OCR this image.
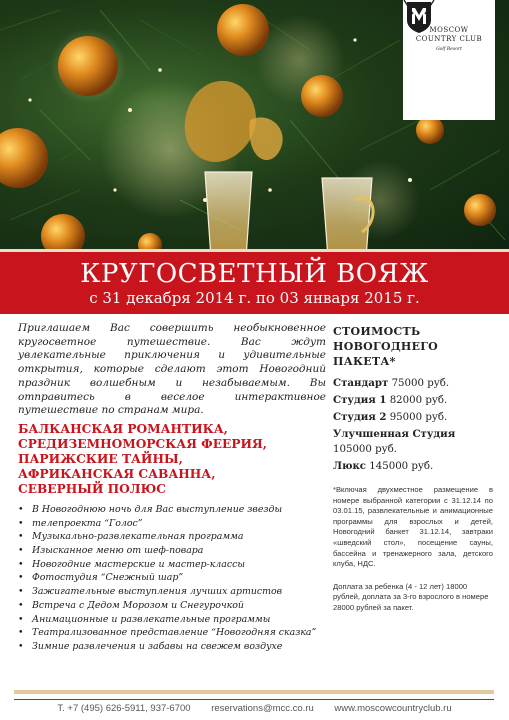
MOSCOW
COUNTRY CLUB
Golf Resort
КРУГОСВЕТНЫЙ ВОЯЖ
с 31 декабря 2014 г. по 03 января 2015 г.

Приглашаем Вас совершить необыкновенное кругосветное путешествие. Вас ждут увлекательные приключения и удивительные открытия, которые сделают этот Новогодний праздник волшебным и незабываемым. Вы отправитесь в веселое интерактивное путешествие по странам мира.

БАЛКАНСКАЯ РОМАНТИКА,
СРЕДИЗЕМНОМОРСКАЯ ФЕЕРИЯ,
ПАРИЖСКИЕ ТАЙНЫ,
АФРИКАНСКАЯ САВАННА,
СЕВЕРНЫЙ ПОЛЮС
• В Новогоднюю ночь для Вас выступление звезды
• телепроекта “Голос”
• Музыкально-развлекательная программа
• Изысканное меню от шеф-повара
• Новогодние мастерские и мастер-классы
• Фотостудия “Снежный шар”
• Зажигательные выступления лучших артистов
• Встреча с Дедом Морозом и Снегурочкой
• Анимационные и развлекательные программы
• Театрализованное представление “Новогодняя сказка”
• Зимние развлечения и забавы на свежем воздухе
СТОИМОСТЬ НОВОГОДНЕГО ПАКЕТА*
Стандарт 75000 руб.
Студия 1 82000 руб.
Студия 2 95000 руб.
Улучшенная Студия
105000 руб.
Люкс 145000 руб.
*Включая двухместное размещение в номере выбранной категории с 31.12.14 по 03.01.15, развлекательные и анимационные программы для взрослых и детей, Новогодний банкет 31.12.14, завтраки «шведский стол», посещение сауны, бассейна и тренажерного зала, детского клуба, НДС.
Доплата за ребенка (4 - 12 лет) 18000 рублей, доплата за 3-го взрослого в номере 28000 рублей за пакет.
T. +7 (495) 626-5911, 937-6700 reservations@mcc.co.ru www.moscowcountryclub.ru
